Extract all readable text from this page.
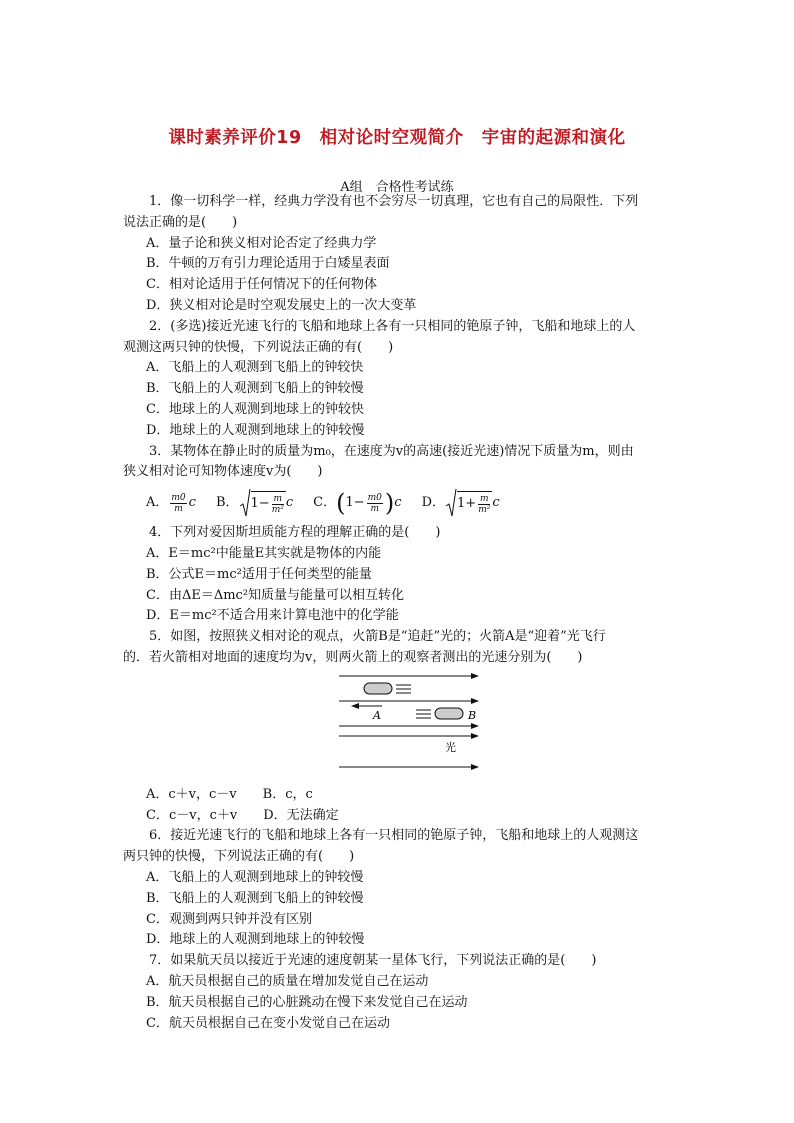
课时素养评价19　相对论时空观简介　宇宙的起源和演化
A组　合格性考试练
1．像一切科学一样，经典力学没有也不会穷尽一切真理，它也有自己的局限性．下列
说法正确的是(　　)
A．量子论和狭义相对论否定了经典力学
B．牛顿的万有引力理论适用于白矮星表面
C．相对论适用于任何情况下的任何物体
D．狭义相对论是时空观发展史上的一次大变革
2．(多选)接近光速飞行的飞船和地球上各有一只相同的铯原子钟，飞船和地球上的人
观测这两只钟的快慢，下列说法正确的有(　　)
A．飞船上的人观测到飞船上的钟较快
B．飞船上的人观测到飞船上的钟较慢
C．地球上的人观测到地球上的钟较快
D．地球上的人观测到地球上的钟较慢
3．某物体在静止时的质量为m₀，在速度为v的高速(接近光速)情况下质量为m，则由
狭义相对论可知物体速度v为(　　)
A． $\frac{m0}{m}$ c B． $1 - \frac{m}{\text{m²}}$ c C． ( $1 - \frac{m0}{m}$ ) c D． $1 + \frac{m}{\text{m²}}$ c
4．下列对爱因斯坦质能方程的理解正确的是(　　)
A．E＝mc²中能量E其实就是物体的内能
B．公式E＝mc²适用于任何类型的能量
C．由ΔE＝Δmc²知质量与能量可以相互转化
D．E＝mc²不适合用来计算电池中的化学能
5．如图，按照狭义相对论的观点，火箭B是“追赶”光的；火箭A是“迎着”光飞行
的．若火箭相对地面的速度均为v，则两火箭上的观察者测出的光速分别为(　　)
A	B
光
A．c＋v，c－v　　B．c，c
C．c－v，c＋v　　D．无法确定
6．接近光速飞行的飞船和地球上各有一只相同的铯原子钟，飞船和地球上的人观测这
两只钟的快慢，下列说法正确的有(　　)
A．飞船上的人观测到地球上的钟较慢
B．飞船上的人观测到飞船上的钟较慢
C．观测到两只钟并没有区别
D．地球上的人观测到地球上的钟较慢
7．如果航天员以接近于光速的速度朝某一星体飞行，下列说法正确的是(　　)
A．航天员根据自己的质量在增加发觉自己在运动
B．航天员根据自己的心脏跳动在慢下来发觉自己在运动
C．航天员根据自己在变小发觉自己在运动
